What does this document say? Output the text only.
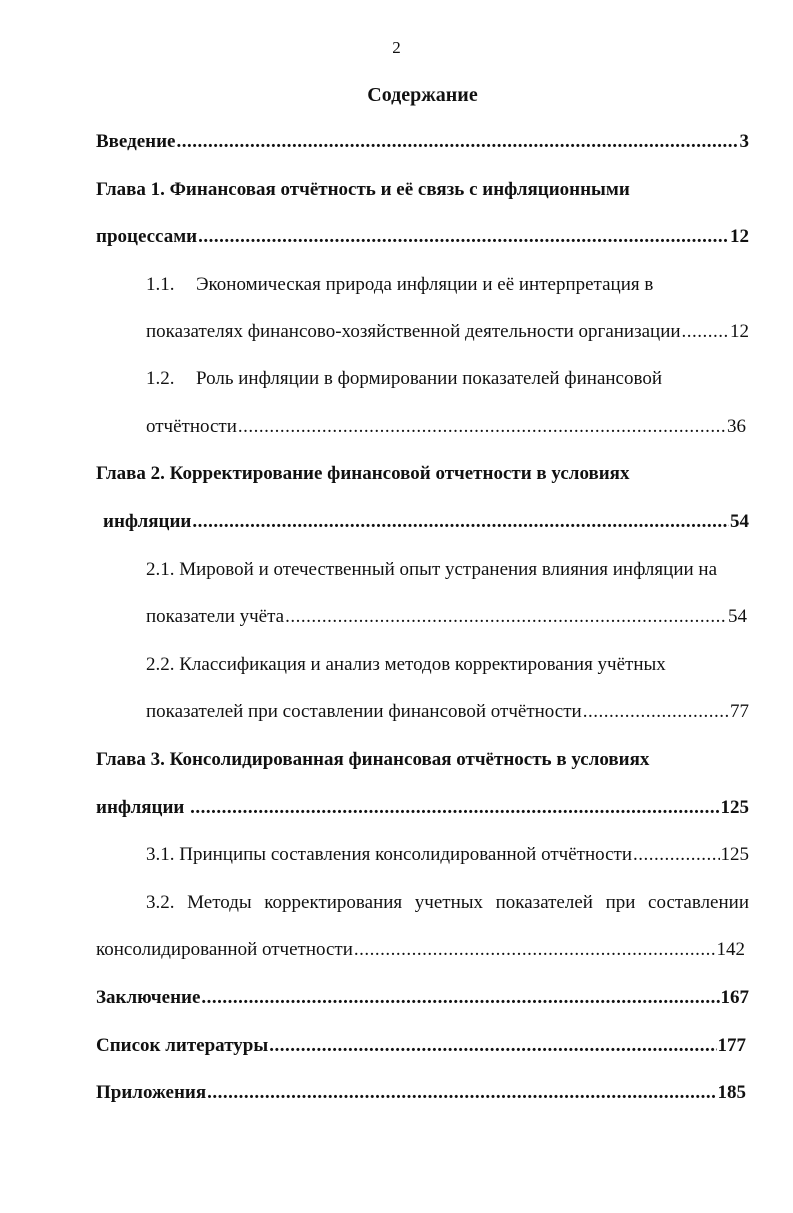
2
Содержание
Введение .....	3
Глава 1. Финансовая отчётность и её связь с инфляционными
процессами .....	12
1.1.	Экономическая природа инфляции и её интерпретация в
показателях финансово-хозяйственной деятельности организации .....	12
1.2.	Роль инфляции в формировании показателей финансовой
отчётности .....	36
Глава 2. Корректирование финансовой отчетности в условиях
инфляции .....	54
2.1. Мировой и отечественный опыт устранения влияния инфляции на
показатели учёта .....	54
2.2. Классификация и анализ методов корректирования учётных
показателей при составлении финансовой отчётности .....	77
Глава 3. Консолидированная финансовая отчётность в условиях
инфляции .....	125
3.1. Принципы составления консолидированной отчётности .....	125
3.2. Методы корректирования учетных показателей при составлении
консолидированной отчетности .....	142
Заключение .....	167
Список литературы .....	177
Приложения .....	185
